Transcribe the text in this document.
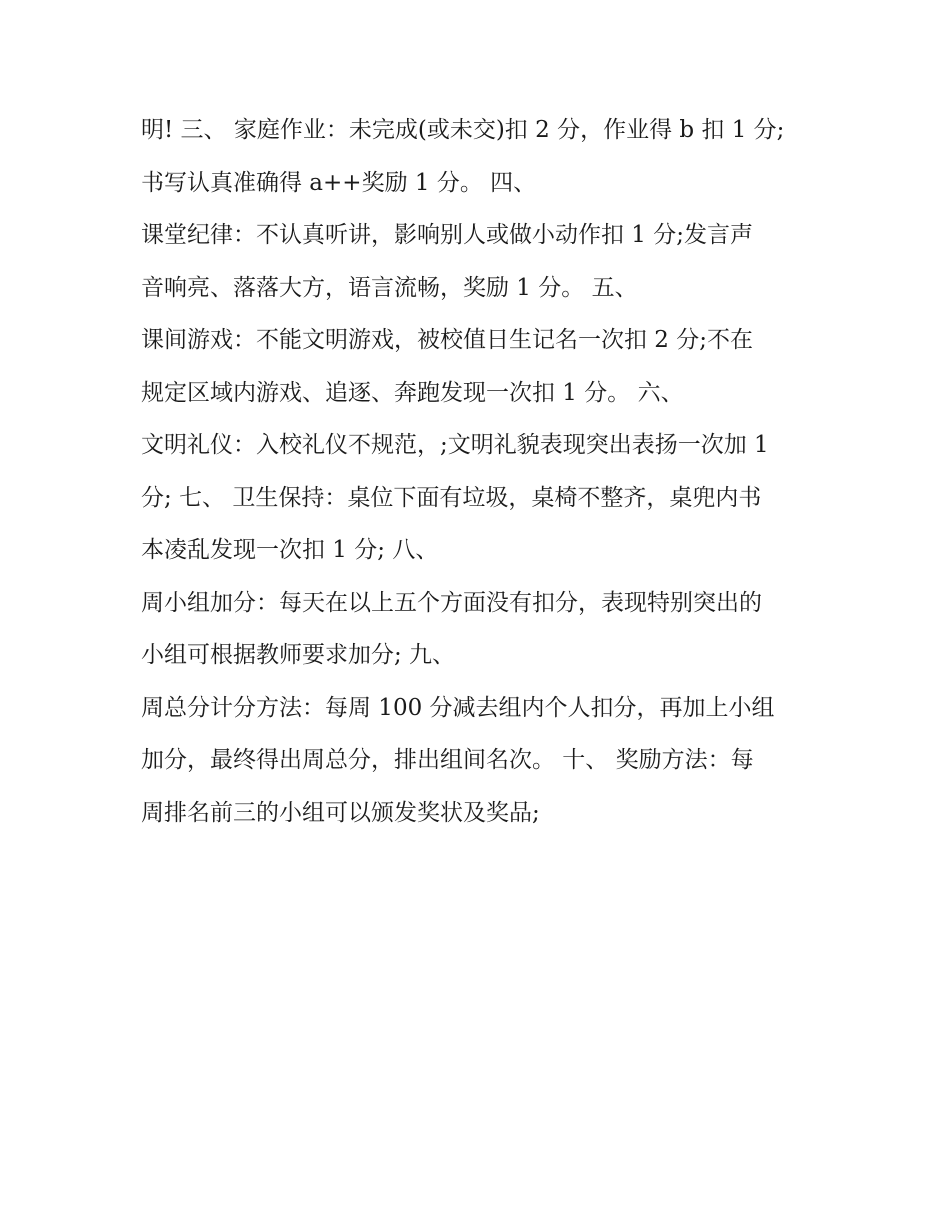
明! 三、 家庭作业：未完成(或未交)扣 2 分，作业得 b 扣 1 分;
书写认真准确得 a++奖励 1 分。 四、
课堂纪律：不认真听讲，影响别人或做小动作扣 1 分;发言声
音响亮、落落大方，语言流畅，奖励 1 分。 五、
课间游戏：不能文明游戏，被校值日生记名一次扣 2 分;不在
规定区域内游戏、追逐、奔跑发现一次扣 1 分。 六、
文明礼仪：入校礼仪不规范，;文明礼貌表现突出表扬一次加 1
分; 七、 卫生保持：桌位下面有垃圾，桌椅不整齐，桌兜内书
本凌乱发现一次扣 1 分; 八、
周小组加分：每天在以上五个方面没有扣分，表现特别突出的
小组可根据教师要求加分; 九、
周总分计分方法：每周 100 分减去组内个人扣分，再加上小组
加分，最终得出周总分，排出组间名次。 十、 奖励方法：每
周排名前三的小组可以颁发奖状及奖品;
